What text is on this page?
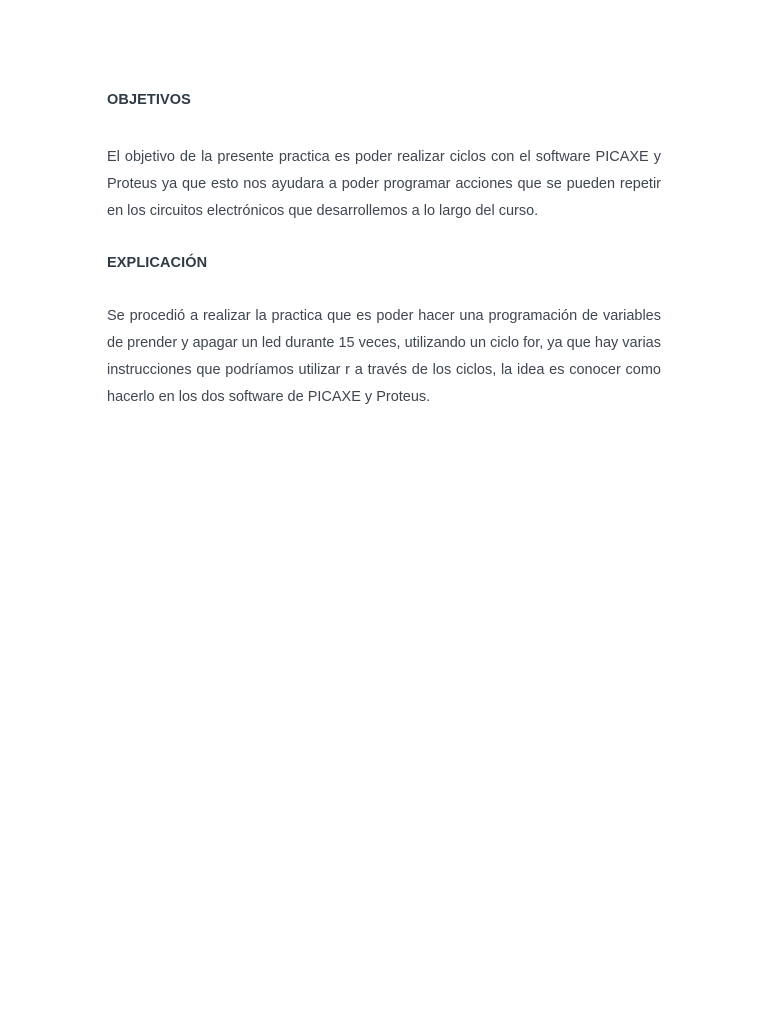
OBJETIVOS

El objetivo de la presente practica es poder realizar ciclos con el software PICAXE y Proteus ya que esto nos ayudara a poder programar acciones que se pueden repetir en los circuitos electrónicos que desarrollemos a lo largo del curso.

EXPLICACIÓN

Se procedió a realizar la practica que es poder hacer una programación de variables de prender y apagar un led durante 15 veces, utilizando un ciclo for, ya que hay varias instrucciones que podríamos utilizar r a través de los ciclos, la idea es conocer como hacerlo en los dos software de PICAXE y Proteus.
